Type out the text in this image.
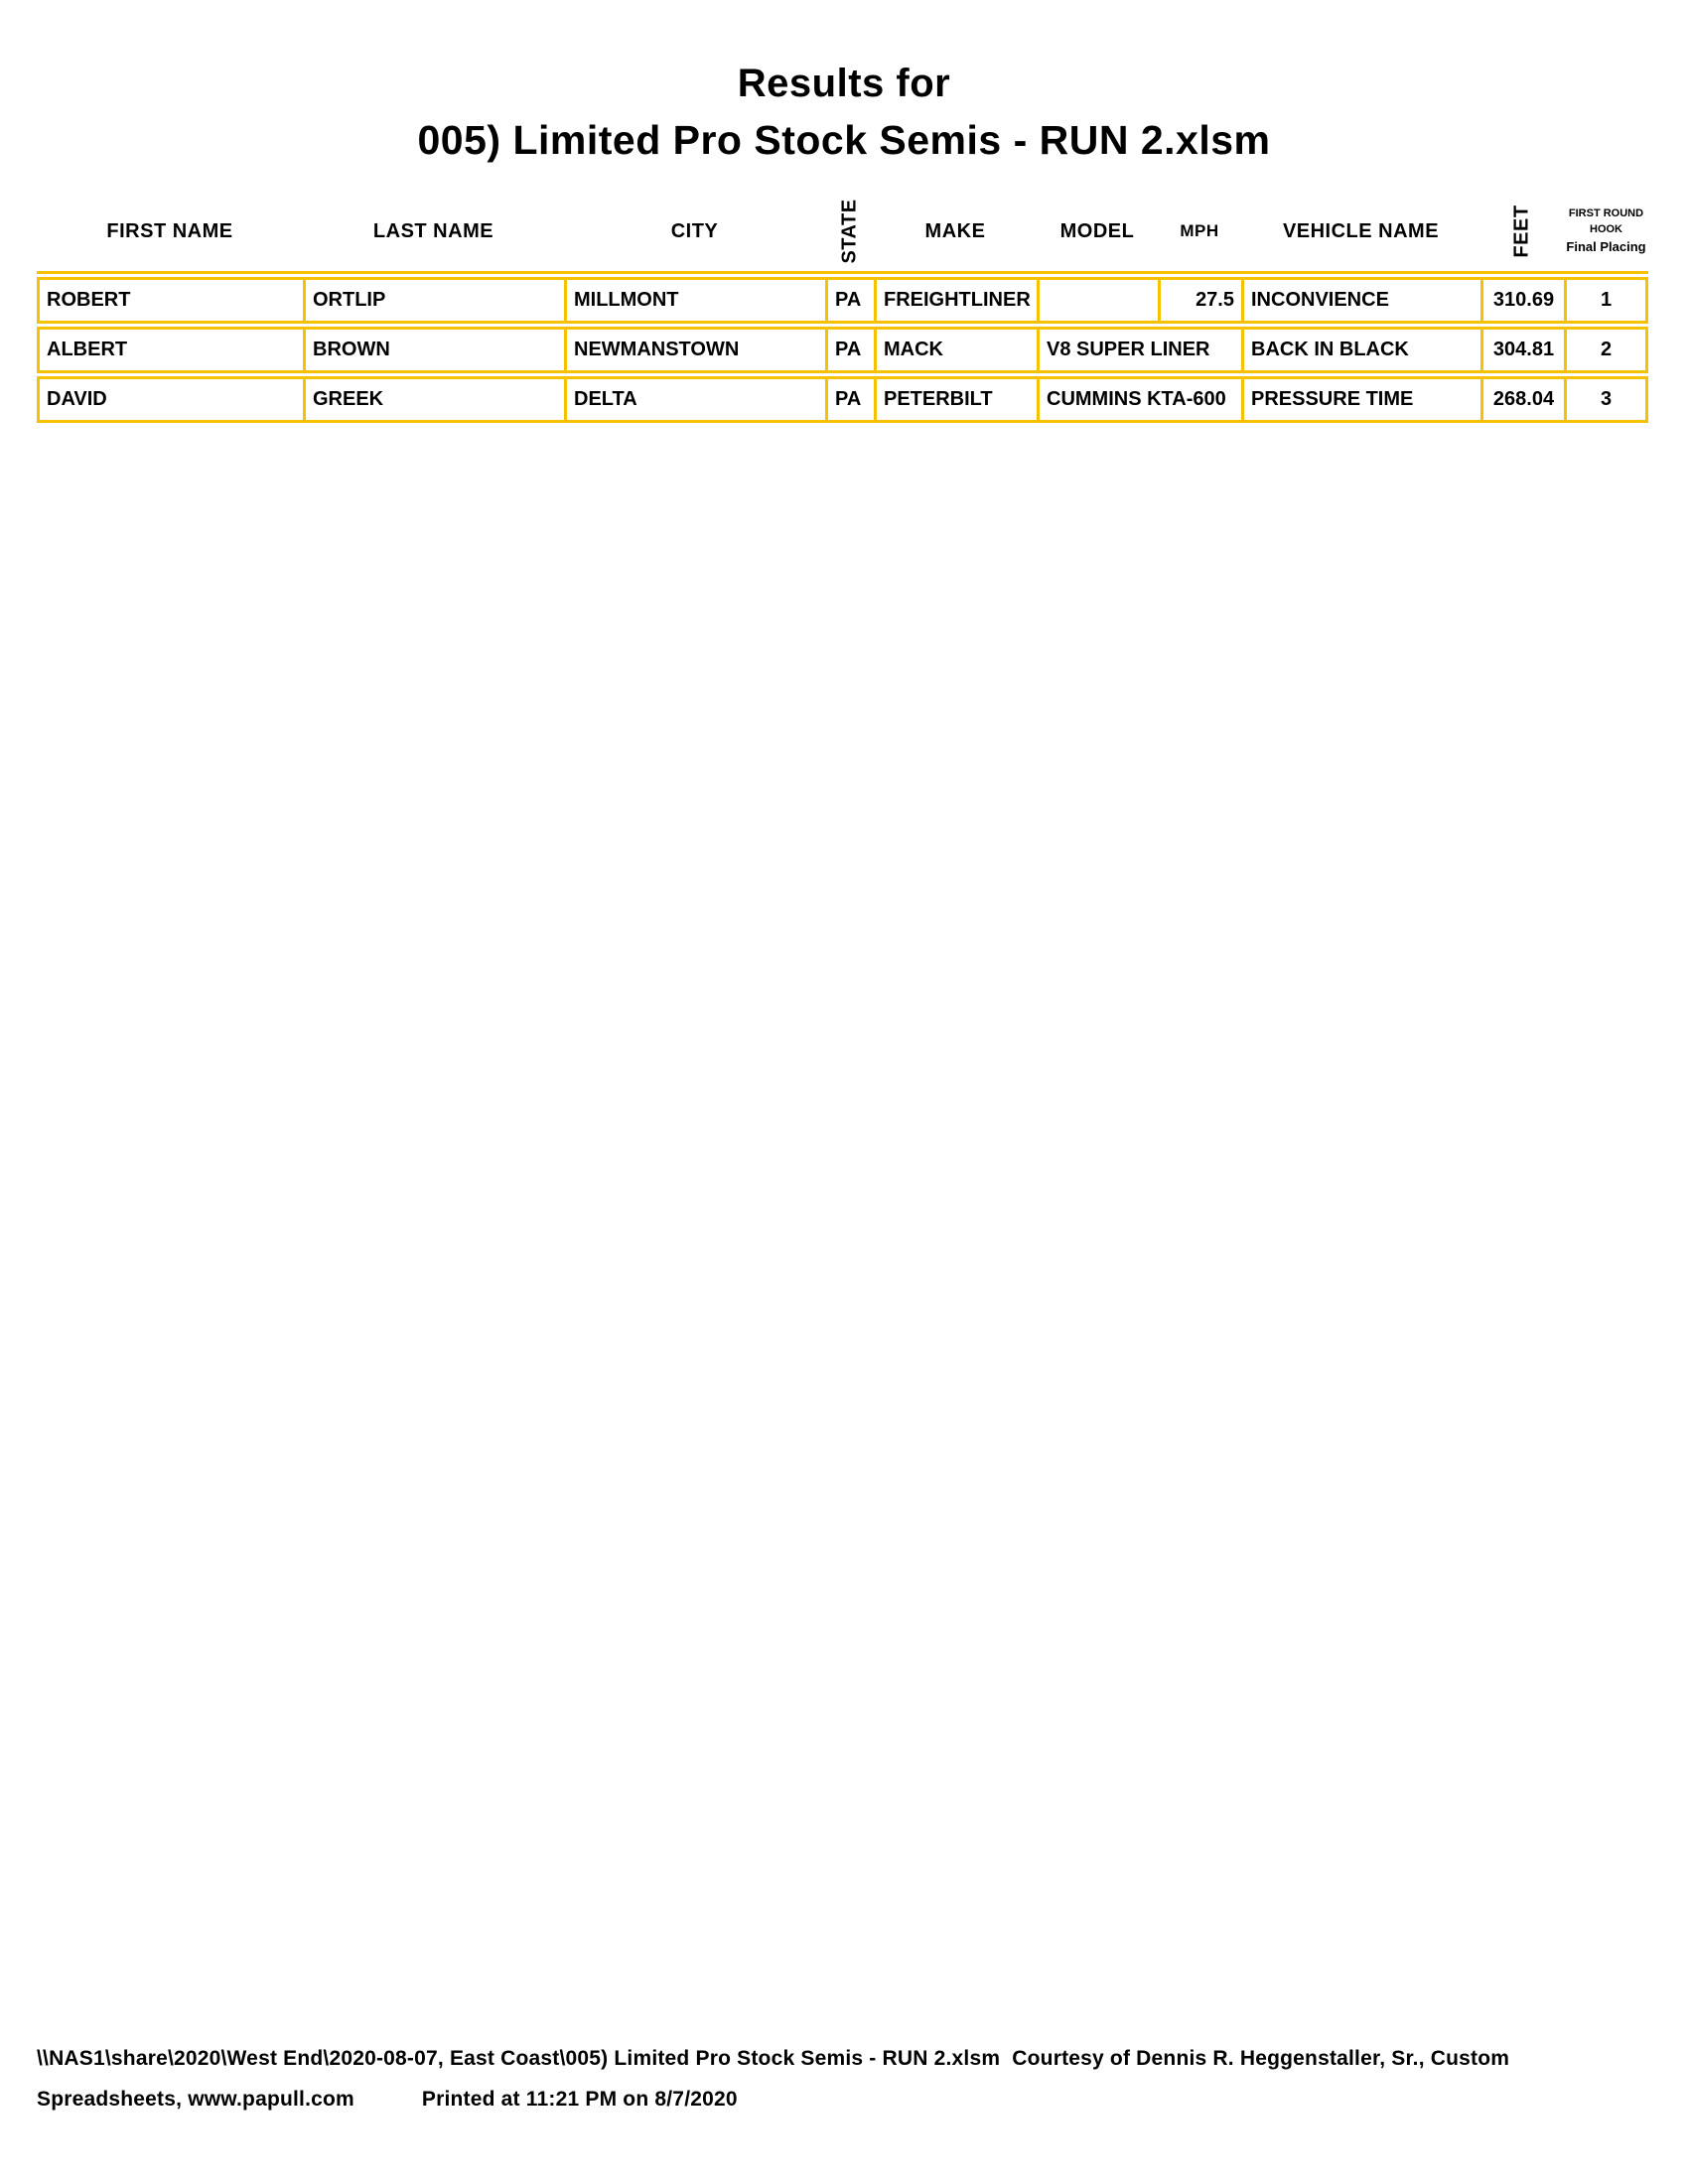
Results for
005) Limited Pro Stock Semis - RUN 2.xlsm
FIRST NAME	LAST NAME	CITY	STATE	MAKE	MODEL	MPH	VEHICLE NAME	FEET	FIRST ROUND
HOOK
Final Placing

ROBERT	ORTLIP	MILLMONT	PA	FREIGHTLINER		27.5	INCONVIENCE	310.69	1
ALBERT	BROWN	NEWMANSTOWN	PA	MACK	V8 SUPER LINER		BACK IN BLACK	304.81	2
DAVID	GREEK	DELTA	PA	PETERBILT	CUMMINS KTA-600		PRESSURE TIME	268.04	3
\\NAS1\share\2020\West End\2020-08-07, East Coast\005) Limited Pro Stock Semis - RUN 2.xlsm  Courtesy of Dennis R. Heggenstaller, Sr., Custom
Spreadsheets, www.papull.com	Printed at 11:21 PM on 8/7/2020
